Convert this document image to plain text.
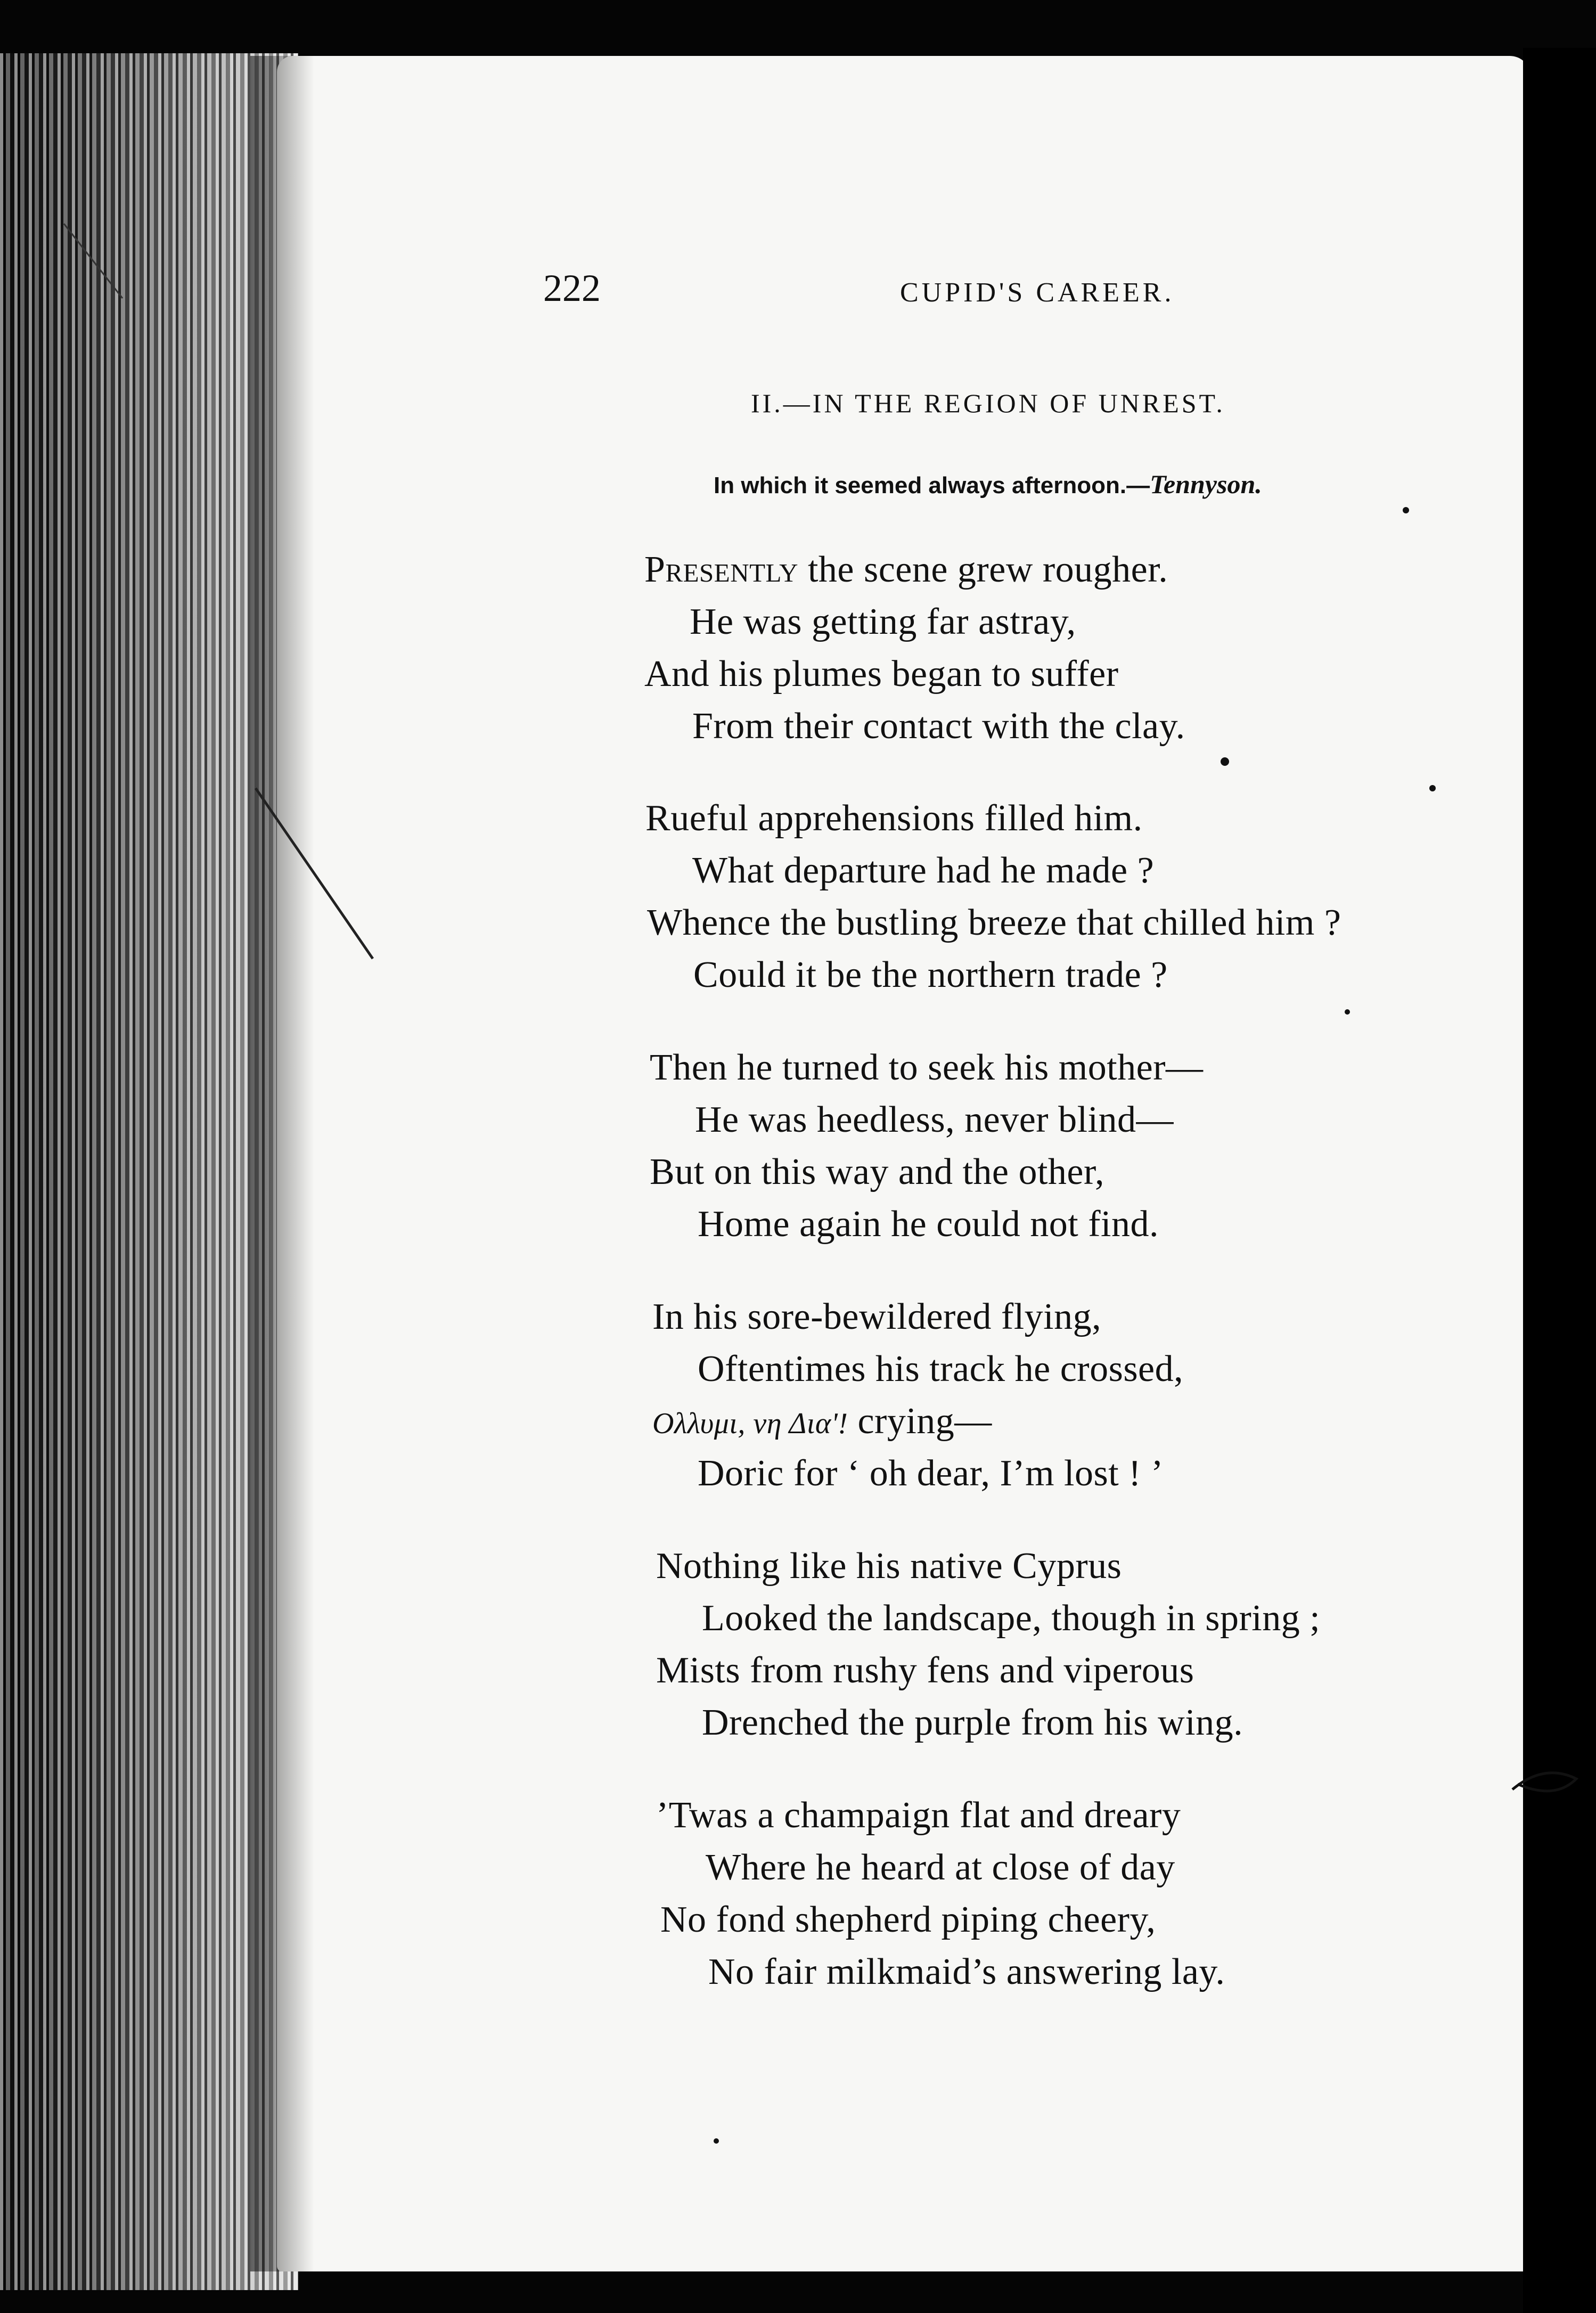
222	CUPID'S CAREER.
II.—IN THE REGION OF UNREST.
In which it seemed always afternoon.—Tennyson.
Presently the scene grew rougher.
He was getting far astray,
And his plumes began to suffer
From their contact with the clay.
Rueful apprehensions filled him.
What departure had he made ?
Whence the bustling breeze that chilled him ?
Could it be the northern trade ?
Then he turned to seek his mother—
He was heedless, never blind—
But on this way and the other,
Home again he could not find.
In his sore-bewildered flying,
Oftentimes his track he crossed,
Ολλυμι, νη Δια'! crying—
Doric for ‘ oh dear, I’m lost ! ’
Nothing like his native Cyprus
Looked the landscape, though in spring ;
Mists from rushy fens and viperous
Drenched the purple from his wing.
’Twas a champaign flat and dreary
Where he heard at close of day
No fond shepherd piping cheery,
No fair milkmaid’s answering lay.
